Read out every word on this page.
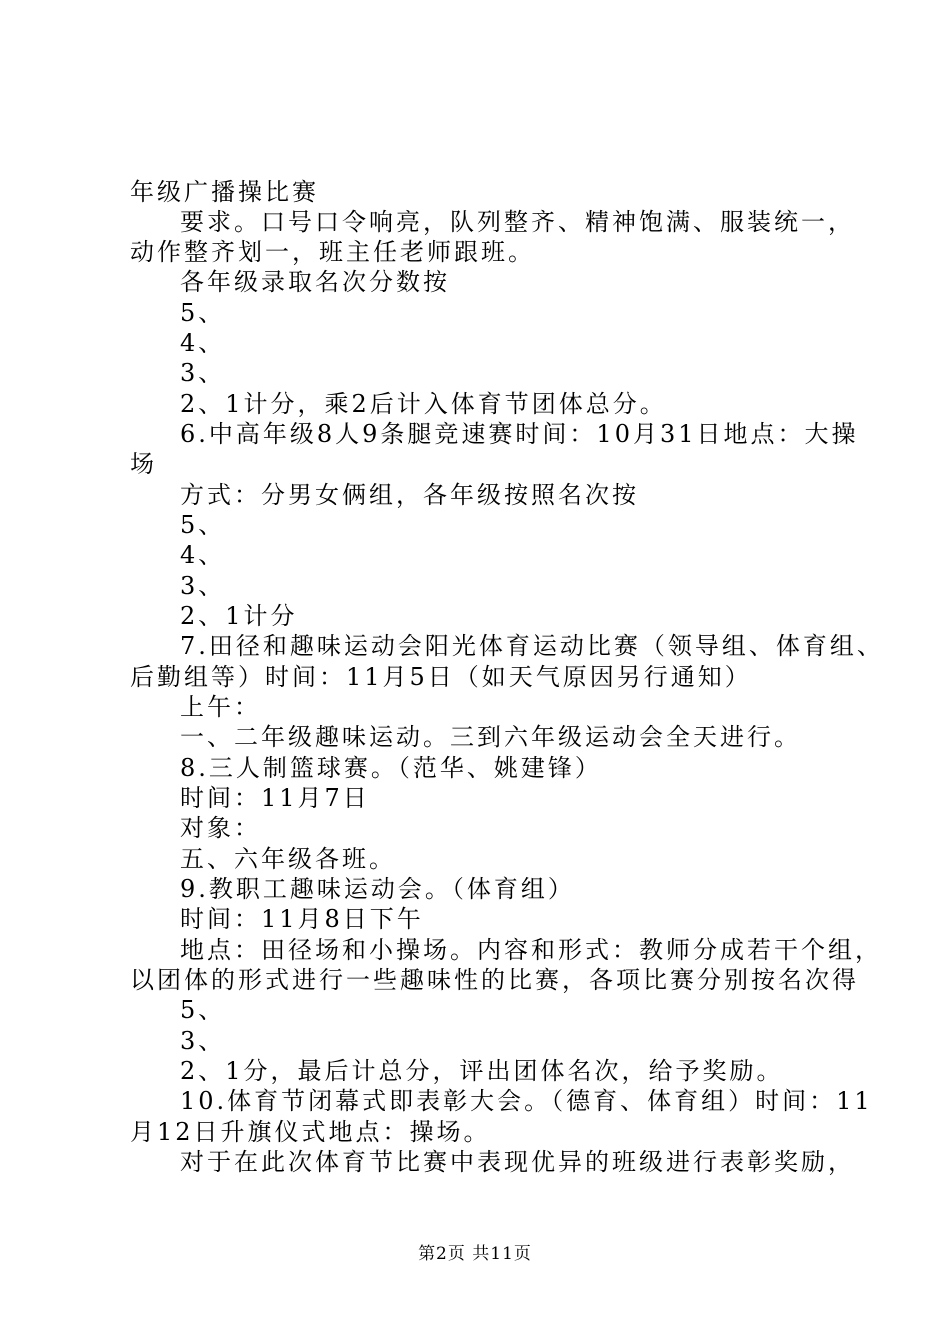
年级广播操比赛
要求。口号口令响亮，队列整齐、精神饱满、服装统一，
动作整齐划一，班主任老师跟班。
各年级录取名次分数按
5、
4、
3、
2、1计分，乘2后计入体育节团体总分。
6.中高年级8人9条腿竞速赛时间：10月31日地点：大操
场
方式：分男女俩组，各年级按照名次按
5、
4、
3、
2、1计分
7.田径和趣味运动会阳光体育运动比赛（领导组、体育组、
后勤组等）时间：11月5日（如天气原因另行通知）
上午：
一、二年级趣味运动。三到六年级运动会全天进行。
8.三人制篮球赛。（范华、姚建锋）
时间：11月7日
对象：
五、六年级各班。
9.教职工趣味运动会。（体育组）
时间：11月8日下午
地点：田径场和小操场。内容和形式：教师分成若干个组，
以团体的形式进行一些趣味性的比赛，各项比赛分别按名次得
5、
3、
2、1分，最后计总分，评出团体名次，给予奖励。
10.体育节闭幕式即表彰大会。（德育、体育组）时间：11
月12日升旗仪式地点：操场。
对于在此次体育节比赛中表现优异的班级进行表彰奖励，
第2页 共11页
